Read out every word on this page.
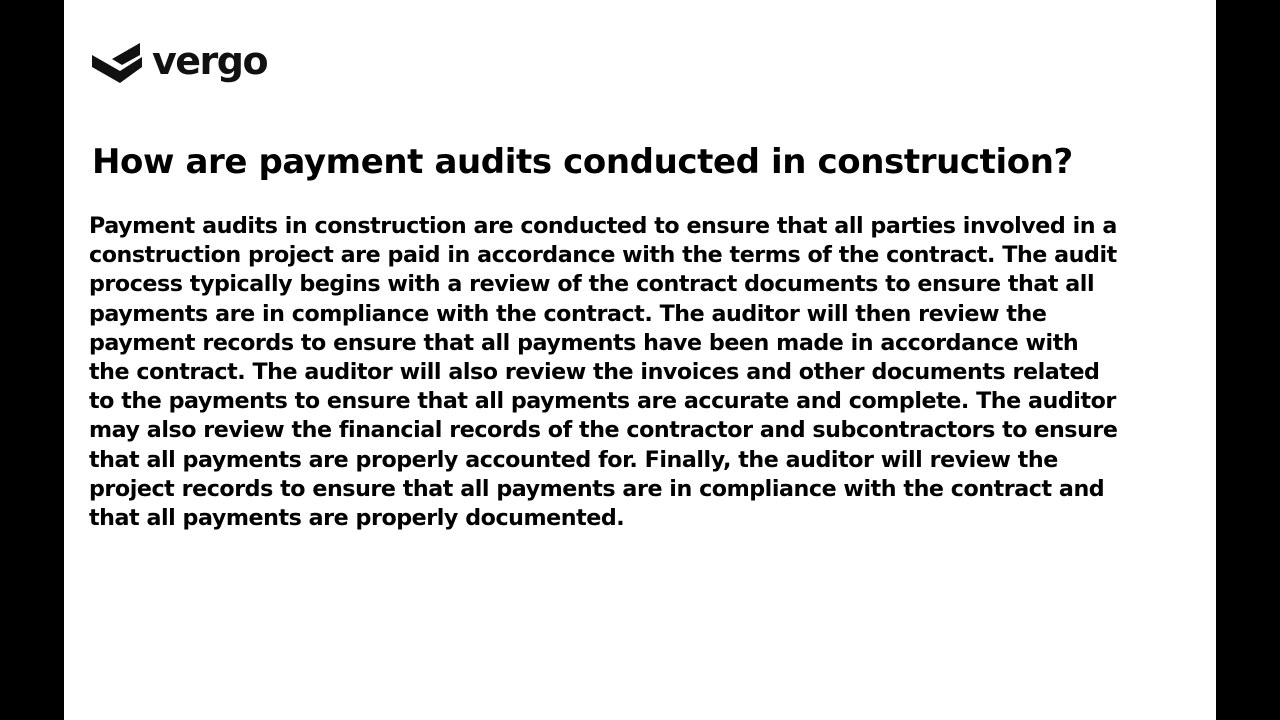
vergo
How are payment audits conducted in construction?

Payment audits in construction are conducted to ensure that all parties involved in a construction project are paid in accordance with the terms of the contract. The audit process typically begins with a review of the contract documents to ensure that all payments are in compliance with the contract. The auditor will then review the payment records to ensure that all payments have been made in accordance with the contract. The auditor will also review the invoices and other documents related to the payments to ensure that all payments are accurate and complete. The auditor may also review the financial records of the contractor and subcontractors to ensure that all payments are properly accounted for. Finally, the auditor will review the project records to ensure that all payments are in compliance with the contract and that all payments are properly documented.
